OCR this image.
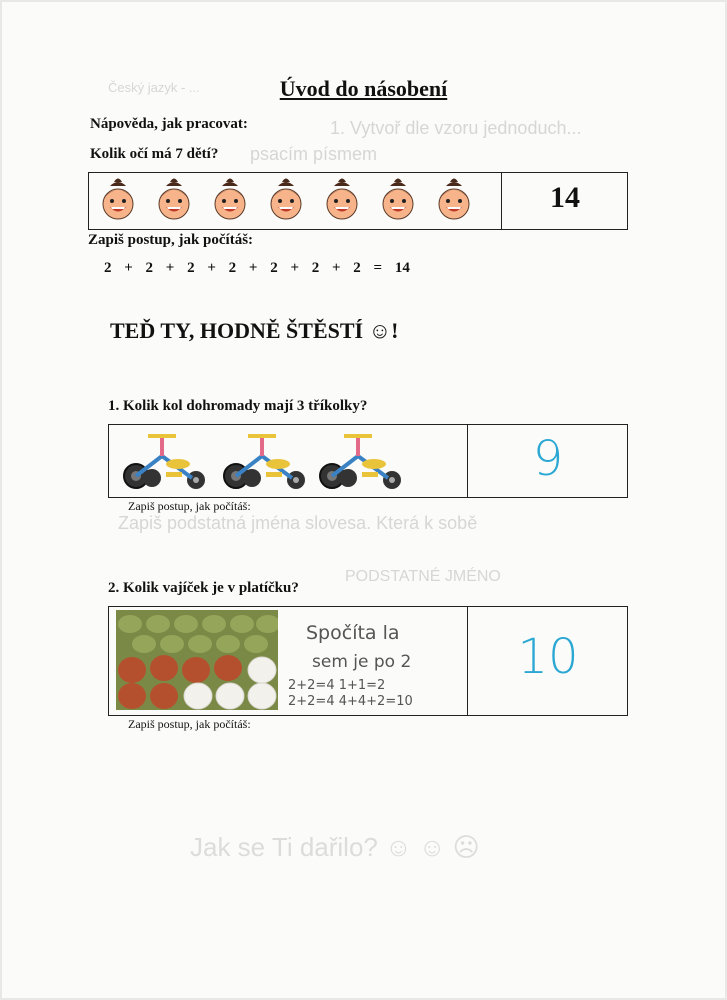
Český jazyk - ...
1. Vytvoř dle vzoru jednoduch...
psacím písmem
Zapiš podstatná jména slovesa. Která k sobě
PODSTATNÉ JMÉNO
Jak se Ti dařilo? ☺ ☺ ☹
Úvod do násobení
Nápověda, jak pracovat:
Kolik očí má 7 dětí?
14
Zapiš postup, jak počítáš:
2 + 2 + 2 + 2 + 2 + 2 + 2 = 14
TEĎ TY, HODNĚ ŠTĚSTÍ ☺!
1. Kolik kol dohromady mají 3 tříkolky?
9
Zapiš postup, jak počítáš:
2. Kolik vajíček je v platíčku?
10
Spočíta la
sem je po 2
2+2=4 1+1=2
2+2=4 4+4+2=10
Zapiš postup, jak počítáš:
